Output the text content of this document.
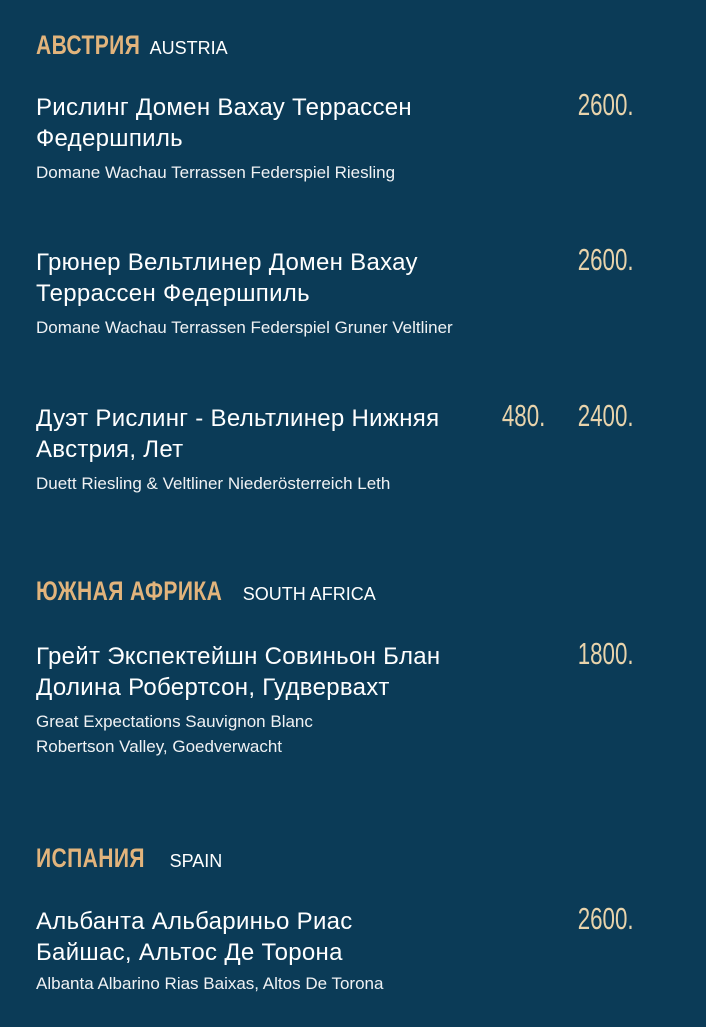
АВСТРИЯ AUSTRIA
Рислинг Домен Вахау Террассен Федершпиль
Domane Wachau Terrassen Federspiel Riesling
2600.
Грюнер Вельтлинер Домен Вахау Террассен Федершпиль
Domane Wachau Terrassen Federspiel Gruner Veltliner
2600.
Дуэт Рислинг - Вельтлинер Нижняя Австрия, Лет
Duett Riesling & Veltliner Niederösterreich Leth
480. 2400.
ЮЖНАЯ АФРИКА SOUTH AFRICA
Грейт Экспектейшн Совиньон Блан Долина Робертсон, Гудвервахт
Great Expectations Sauvignon Blanc Robertson Valley, Goedverwacht
1800.
ИСПАНИЯ SPAIN
Альбанта Альбариньо Риас Байшас, Альтос Де Торона
Albanta Albarino Rias Baixas, Altos De Torona
2600.
